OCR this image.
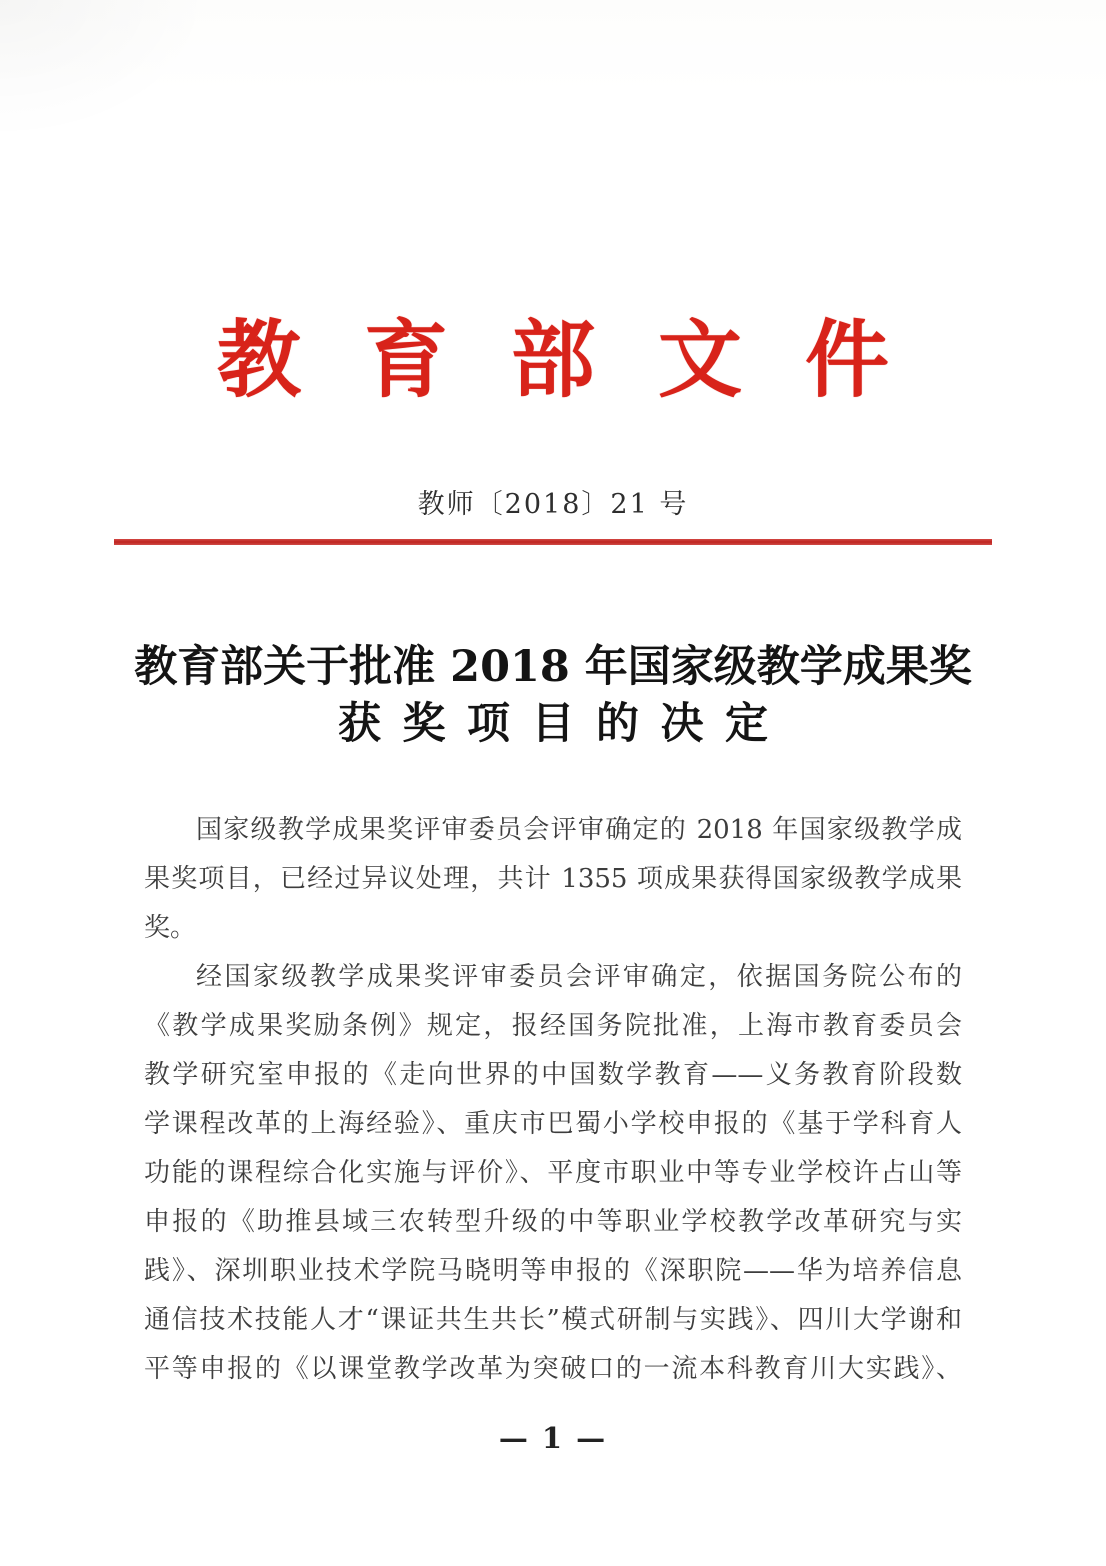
教 育 部 文 件
教师〔2018〕21 号
教育部关于批准 2018 年国家级教学成果奖
获奖项目的决定
国家级教学成果奖评审委员会评审确定的 2018 年国家级教学成
果奖项目，已经过异议处理，共计 1355 项成果获得国家级教学成果
奖。
经国家级教学成果奖评审委员会评审确定，依据国务院公布的
《教学成果奖励条例》规定，报经国务院批准，上海市教育委员会
教学研究室申报的《走向世界的中国数学教育——义务教育阶段数
学课程改革的上海经验》、重庆市巴蜀小学校申报的《基于学科育人
功能的课程综合化实施与评价》、平度市职业中等专业学校许占山等
申报的《助推县域三农转型升级的中等职业学校教学改革研究与实
践》、深圳职业技术学院马晓明等申报的《深职院——华为培养信息
通信技术技能人才“课证共生共长”模式研制与实践》、四川大学谢和
平等申报的《以课堂教学改革为突破口的一流本科教育川大实践》、
— 1 —
